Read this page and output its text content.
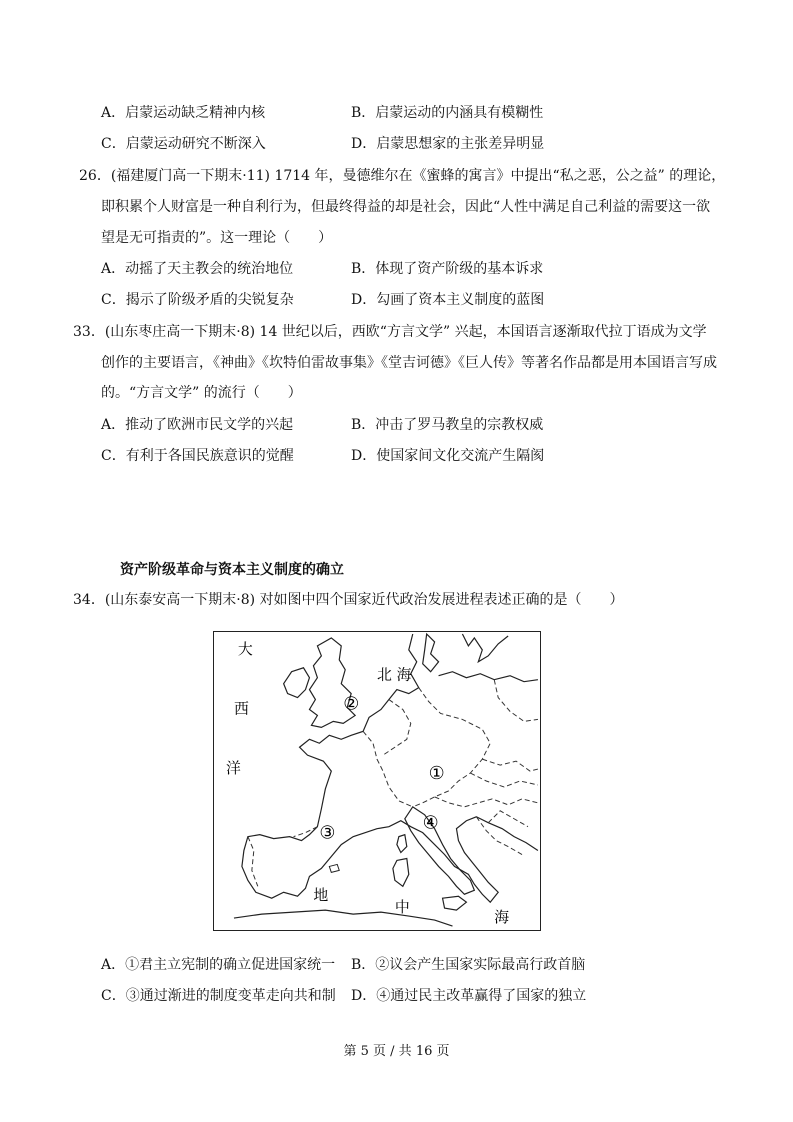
A．启蒙运动缺乏精神内核	B．启蒙运动的内涵具有模糊性
C．启蒙运动研究不断深入	D．启蒙思想家的主张差异明显
26．(福建厦门高一下期末·11) 1714 年，曼德维尔在《蜜蜂的寓言》中提出“私之恶，公之益” 的理论，
即积累个人财富是一种自利行为，但最终得益的却是社会，因此“人性中满足自己利益的需要这一欲
望是无可指责的”。这一理论（　　）
A．动摇了天主教会的统治地位	B．体现了资产阶级的基本诉求
C．揭示了阶级矛盾的尖锐复杂	D．勾画了资本主义制度的蓝图
33．(山东枣庄高一下期末·8) 14 世纪以后，西欧“方言文学” 兴起，本国语言逐渐取代拉丁语成为文学
创作的主要语言，《神曲》《坎特伯雷故事集》《堂吉诃德》《巨人传》等著名作品都是用本国语言写成
的。“方言文学” 的流行（　　）
A．推动了欧洲市民文学的兴起	B．冲击了罗马教皇的宗教权威
C．有利于各国民族意识的觉醒	D．使国家间文化交流产生隔阂
资产阶级革命与资本主义制度的确立
34．(山东泰安高一下期末·8) 对如图中四个国家近代政治发展进程表述正确的是（　　）
大
西
洋
北 海
地
中
海
①
②
③	④
A．①君主立宪制的确立促进国家统一 B．②议会产生国家实际最高行政首脑
C．③通过渐进的制度变革走向共和制 D．④通过民主改革赢得了国家的独立
第 5 页 / 共 16 页
